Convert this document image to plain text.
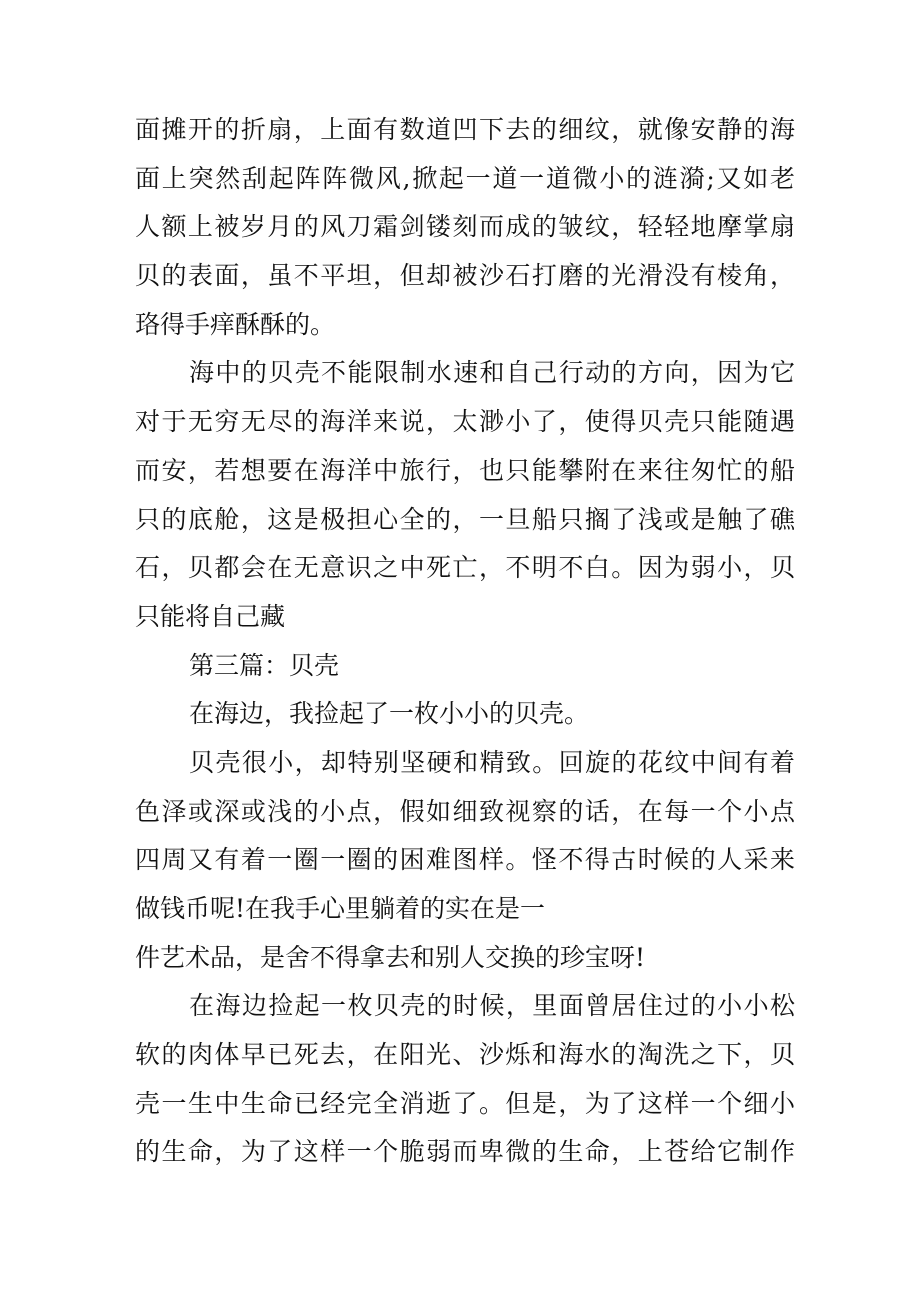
面摊开的折扇，上面有数道凹下去的细纹，就像安静的海
面上突然刮起阵阵微风,掀起一道一道微小的涟漪;又如老
人额上被岁月的风刀霜剑镂刻而成的皱纹，轻轻地摩掌扇
贝的表面，虽不平坦，但却被沙石打磨的光滑没有棱角，
珞得手痒酥酥的。
海中的贝壳不能限制水速和自己行动的方向，因为它
对于无穷无尽的海洋来说，太渺小了，使得贝壳只能随遇
而安，若想要在海洋中旅行，也只能攀附在来往匆忙的船
只的底舱，这是极担心全的，一旦船只搁了浅或是触了礁
石，贝都会在无意识之中死亡，不明不白。因为弱小，贝
只能将自己藏
第三篇：贝壳
在海边，我捡起了一枚小小的贝壳。
贝壳很小，却特别坚硬和精致。回旋的花纹中间有着
色泽或深或浅的小点，假如细致视察的话，在每一个小点
四周又有着一圈一圈的困难图样。怪不得古时候的人采来
做钱币呢!在我手心里躺着的实在是一
件艺术品，是舍不得拿去和别人交换的珍宝呀!
在海边捡起一枚贝壳的时候，里面曾居住过的小小松
软的肉体早已死去，在阳光、沙烁和海水的淘洗之下，贝
壳一生中生命已经完全消逝了。但是，为了这样一个细小
的生命，为了这样一个脆弱而卑微的生命，上苍给它制作
